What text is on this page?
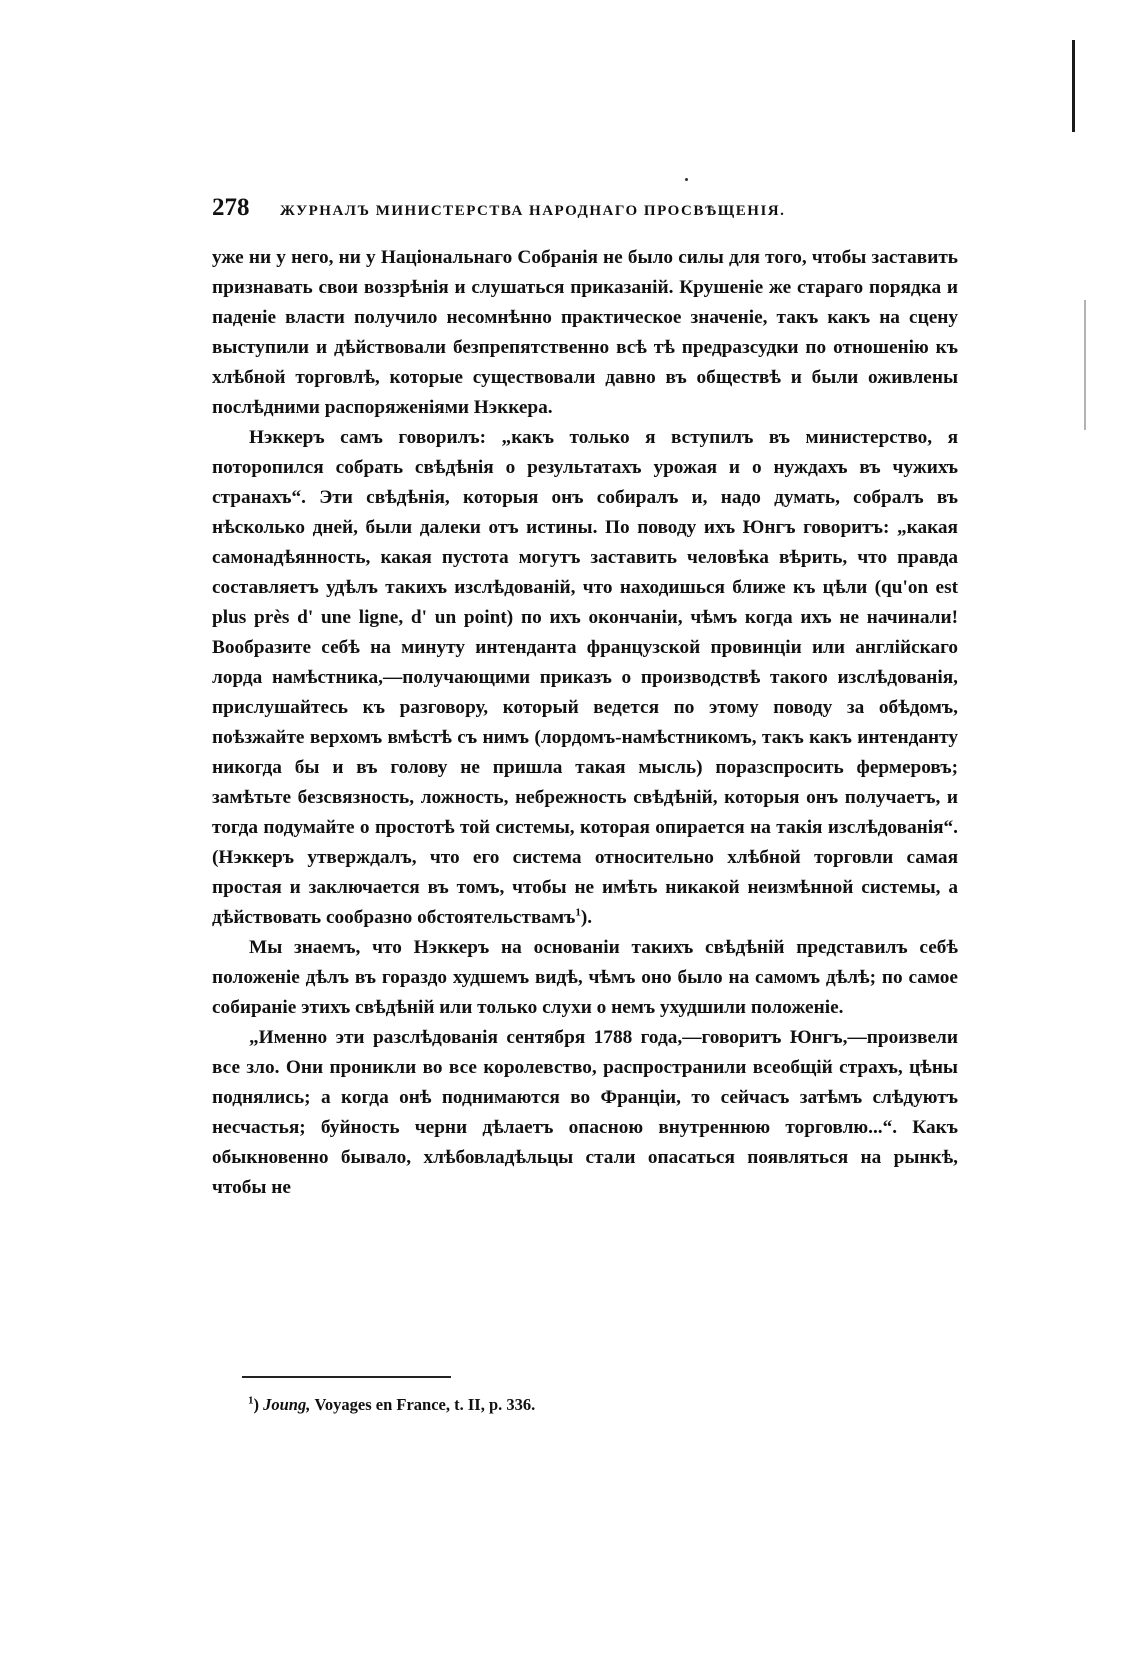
278	ЖУРНАЛЪ МИНИСТЕРСТВА НАРОДНАГО ПРОСВѢЩЕНІЯ.

уже ни у него, ни у Національнаго Собранія не было силы для того, чтобы заставить признавать свои воззрѣнія и слушаться приказаній. Крушеніе же стараго порядка и паденіе власти получило несомнѣнно практическое значеніе, такъ какъ на сцену выступили и дѣйствовали безпрепятственно всѣ тѣ предразсудки по отношенію къ хлѣбной торговлѣ, которые существовали давно въ обществѣ и были оживлены послѣдними распоряженіями Нэккера.

Нэккеръ самъ говорилъ: „какъ только я вступилъ въ министерство, я поторопился собрать свѣдѣнія о результатахъ урожая и о нуждахъ въ чужихъ странахъ“. Эти свѣдѣнія, которыя онъ собиралъ и, надо думать, собралъ въ нѣсколько дней, были далеки отъ истины. По поводу ихъ Юнгъ говоритъ: „какая самонадѣянность, какая пустота могутъ заставить человѣка вѣрить, что правда составляетъ удѣлъ такихъ изслѣдованій, что находишься ближе къ цѣли (qu'on est plus près d' une ligne, d' un point) по ихъ окончаніи, чѣмъ когда ихъ не начинали! Вообразите себѣ на минуту интенданта французской провинціи или англійскаго лорда намѣстника,—получающими приказъ о производствѣ такого изслѣдованія, прислушайтесь къ разговору, который ведется по этому поводу за обѣдомъ, поѣзжайте верхомъ вмѣстѣ съ нимъ (лордомъ-намѣстникомъ, такъ какъ интенданту никогда бы и въ голову не пришла такая мысль) поразспросить фермеровъ; замѣтьте безсвязность, ложность, небрежность свѣдѣній, которыя онъ получаетъ, и тогда подумайте о простотѣ той системы, которая опирается на такія изслѣдованія“. (Нэккеръ утверждалъ, что его система относительно хлѣбной торговли самая простая и заключается въ томъ, чтобы не имѣть никакой неизмѣнной системы, а дѣйствовать сообразно обстоятельствамъ$^1$).

Мы знаемъ, что Нэккеръ на основаніи такихъ свѣдѣній представилъ себѣ положеніе дѣлъ въ гораздо худшемъ видѣ, чѣмъ оно было на самомъ дѣлѣ; по самое собираніе этихъ свѣдѣній или только слухи о немъ ухудшили положеніе.

„Именно эти разслѣдованія сентября 1788 года,—говоритъ Юнгъ,—произвели все зло. Они проникли во все королевство, распространили всеобщій страхъ, цѣны поднялись; а когда онѣ поднимаются во Франціи, то сейчасъ затѣмъ слѣдуютъ несчастья; буйность черни дѣлаетъ опасною внутреннюю торговлю...“. Какъ обыкновенно бывало, хлѣбовладѣльцы стали опасаться появляться на рынкѣ, чтобы не

$^1$) Joung, Voyages en France, t. II, p. 336.
